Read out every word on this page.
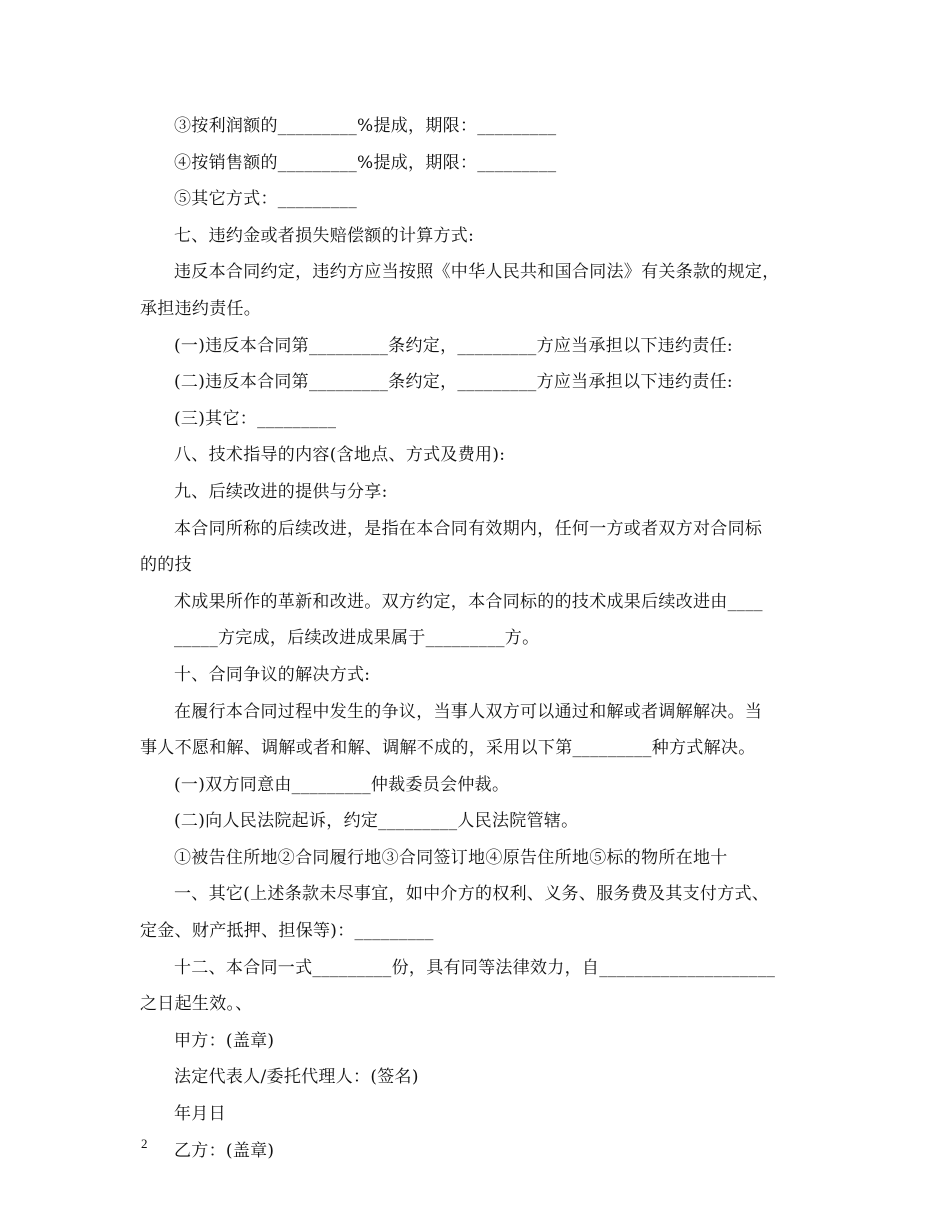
③按利润额的_________%提成，期限：_________
④按销售额的_________%提成，期限：_________
⑤其它方式：_________
七、违约金或者损失赔偿额的计算方式:
违反本合同约定，违约方应当按照《中华人民共和国合同法》有关条款的规定，
承担违约责任。
(一)违反本合同第_________条约定，_________方应当承担以下违约责任:
(二)违反本合同第_________条约定，_________方应当承担以下违约责任:
(三)其它：_________
八、技术指导的内容(含地点、方式及费用):
九、后续改进的提供与分享:
本合同所称的后续改进，是指在本合同有效期内，任何一方或者双方对合同标
的的技
术成果所作的革新和改进。双方约定，本合同标的的技术成果后续改进由____
_____方完成，后续改进成果属于_________方。
十、合同争议的解决方式:
在履行本合同过程中发生的争议，当事人双方可以通过和解或者调解解决。当
事人不愿和解、调解或者和解、调解不成的，采用以下第_________种方式解决。
(一)双方同意由_________仲裁委员会仲裁。
(二)向人民法院起诉，约定_________人民法院管辖。
①被告住所地②合同履行地③合同签订地④原告住所地⑤标的物所在地十
一、其它(上述条款未尽事宜，如中介方的权利、义务、服务费及其支付方式、
定金、财产抵押、担保等)：_________
十二、本合同一式_________份，具有同等法律效力，自____________________
之日起生效。、
甲方：(盖章)
法定代表人/委托代理人：(签名)
年月日
乙方：(盖章)
2
